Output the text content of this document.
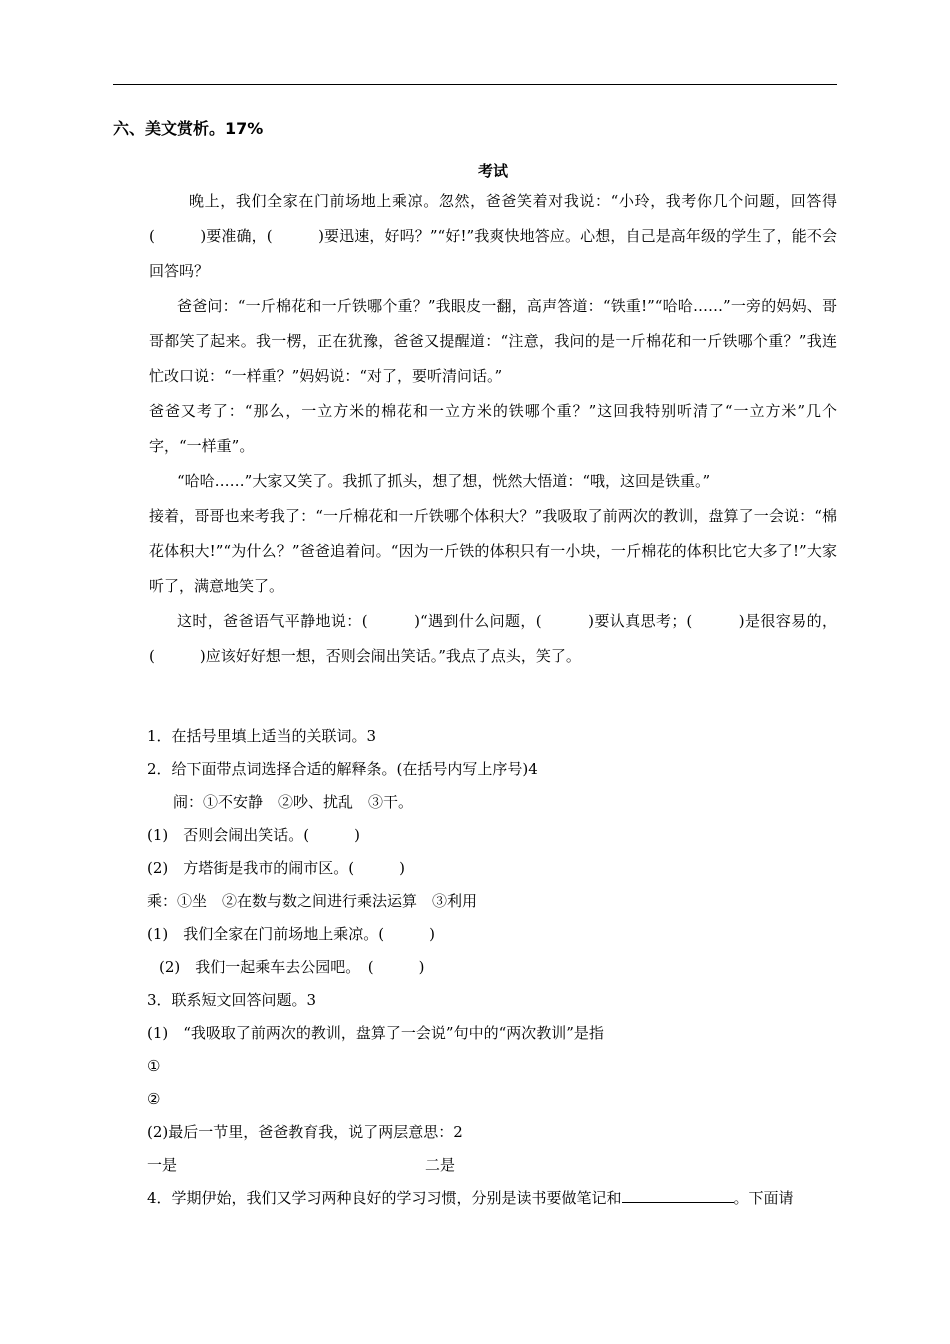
六、美文赏析。17%

考试

晚上，我们全家在门前场地上乘凉。忽然，爸爸笑着对我说：“小玲，我考你几个问题，回答得(　　　)要准确，(　　　)要迅速，好吗？”“好!”我爽快地答应。心想，自己是高年级的学生了，能不会回答吗？

爸爸问：“一斤棉花和一斤铁哪个重？”我眼皮一翻，高声答道：“铁重!”“哈哈……”一旁的妈妈、哥哥都笑了起来。我一楞，正在犹豫，爸爸又提醒道：“注意，我问的是一斤棉花和一斤铁哪个重？”我连忙改口说：“一样重？”妈妈说：“对了，要听清问话。”

爸爸又考了：“那么，一立方米的棉花和一立方米的铁哪个重？”这回我特别听清了“一立方米”几个字，“一样重”。

“哈哈……”大家又笑了。我抓了抓头，想了想，恍然大悟道：“哦，这回是铁重。”

接着，哥哥也来考我了：“一斤棉花和一斤铁哪个体积大？”我吸取了前两次的教训，盘算了一会说：“棉花体积大!”“为什么？”爸爸追着问。“因为一斤铁的体积只有一小块，一斤棉花的体积比它大多了!”大家听了，满意地笑了。

这时，爸爸语气平静地说：(　　　)“遇到什么问题，(　　　)要认真思考；(　　　)是很容易的，(　　　)应该好好想一想，否则会闹出笑话。”我点了点头，笑了。

1．在括号里填上适当的关联词。3

2．给下面带点词选择合适的解释条。(在括号内写上序号)4

闹：①不安静　②吵、扰乱　③干。

(1)　否则会闹出笑话。(　　　)

(2)　方塔街是我市的闹市区。(　　　)

乘：①坐　②在数与数之间进行乘法运算　③利用

(1)　我们全家在门前场地上乘凉。(　　　)

(2)　我们一起乘车去公园吧。　(　　　)

3．联系短文回答问题。3

(1)　“我吸取了前两次的教训，盘算了一会说”句中的“两次教训”是指

①

②

(2)最后一节里，爸爸教育我，说了两层意思：2

一是	二是

4．学期伊始，我们又学习两种良好的学习习惯，分别是读书要做笔记和	。下面请
